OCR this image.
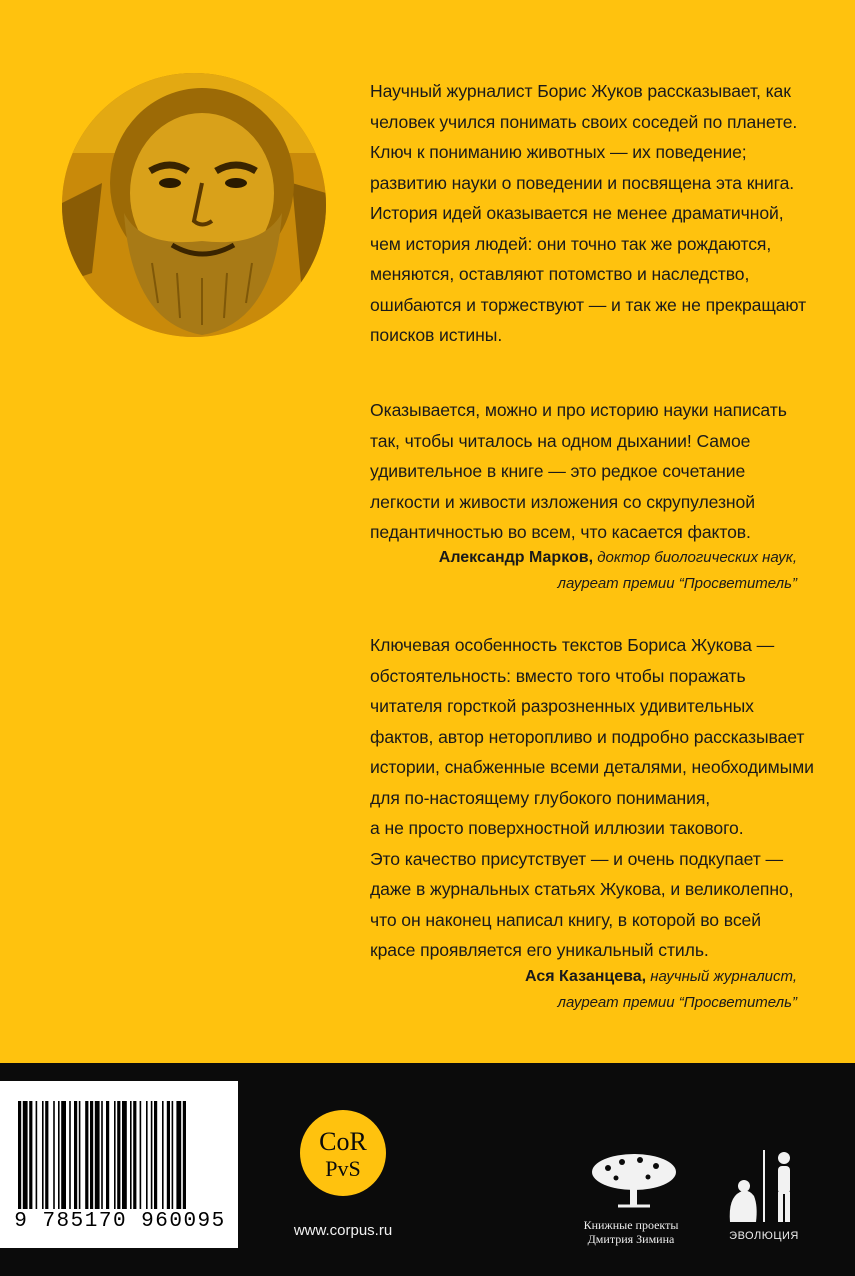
Научный журналист Борис Жуков рассказывает, как
человек учился понимать своих соседей по планете.
Ключ к пониманию животных — их поведение;
развитию науки о поведении и посвящена эта книга.
История идей оказывается не менее драматичной,
чем история людей: они точно так же рождаются,
меняются, оставляют потомство и наследство,
ошибаются и торжествуют — и так же не прекращают
поисков истины.

Оказывается, можно и про историю науки написать
так, чтобы читалось на одном дыхании! Самое
удивительное в книге — это редкое сочетание
легкости и живости изложения со скрупулезной
педантичностью во всем, что касается фактов.

Александр Марков, доктор биологических наук,
лауреат премии “Просветитель”

Ключевая особенность текстов Бориса Жукова —
обстоятельность: вместо того чтобы поражать
читателя горсткой разрозненных удивительных
фактов, автор неторопливо и подробно рассказывает
истории, снабженные всеми деталями, необходимыми
для по-настоящему глубокого понимания,
а не просто поверхностной иллюзии такового.
Это качество присутствует — и очень подкупает —
даже в журнальных статьях Жукова, и великолепно,
что он наконец написал книгу, в которой во всей
красе проявляется его уникальный стиль.

Ася Казанцева, научный журналист,
лауреат премии “Просветитель”
9 785170 960095
CoR
PvS
www.corpus.ru	Книжные проекты
Дмитрия Зимина	ЭВОЛЮЦИЯ
